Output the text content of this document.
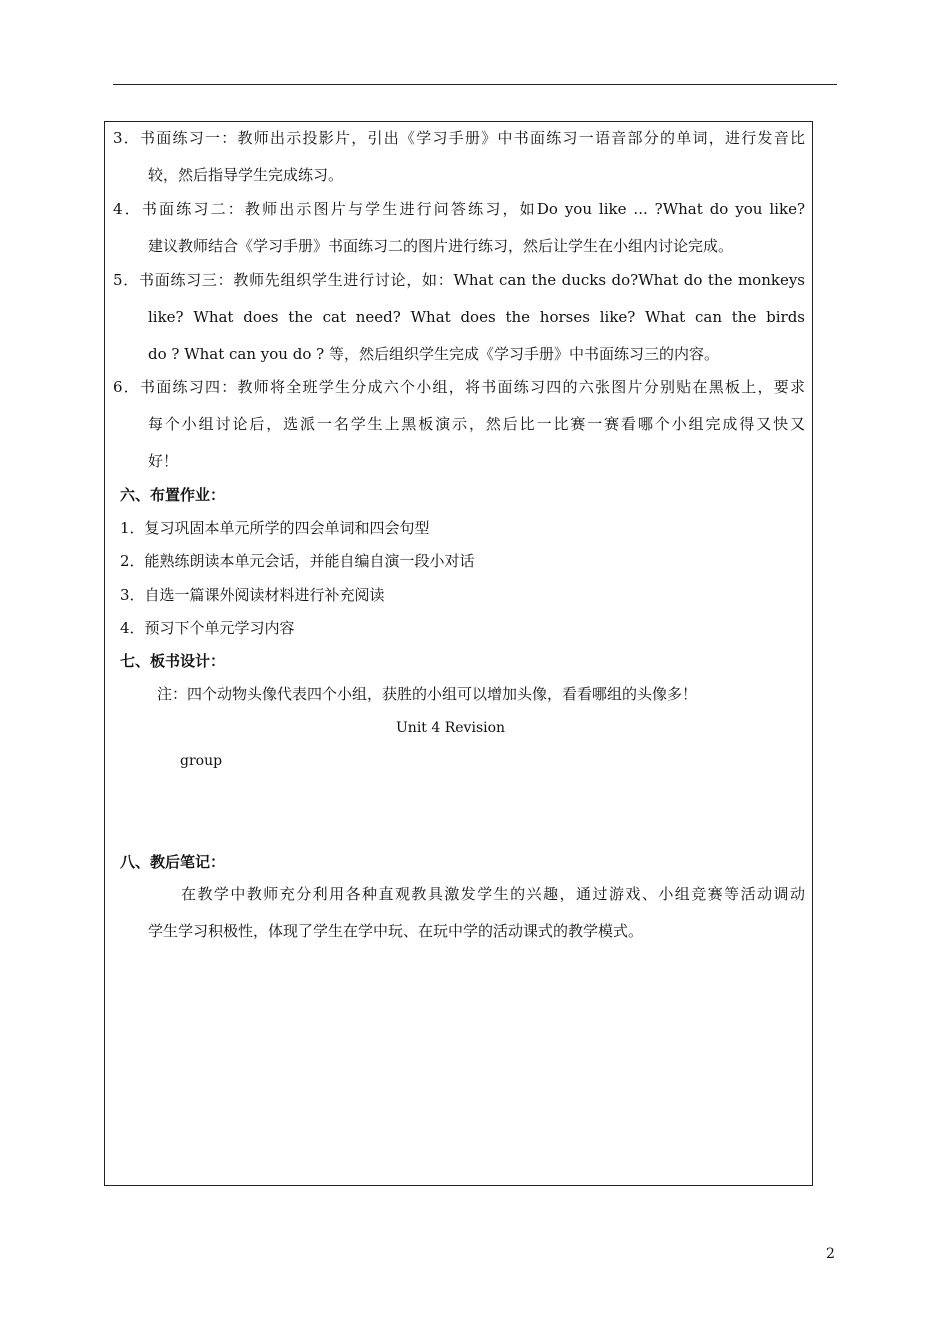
3．书面练习一：教师出示投影片，引出《学习手册》中书面练习一语音部分的单词，进行发音比
较，然后指导学生完成练习。
4．书面练习二：教师出示图片与学生进行问答练习，如Do you like ... ?What do you like?
建议教师结合《学习手册》书面练习二的图片进行练习，然后让学生在小组内讨论完成。
5．书面练习三：教师先组织学生进行讨论，如：What can the ducks do?What do the monkeys
like? What does the cat need? What does the horses like? What can the birds
do ? What can you do ? 等，然后组织学生完成《学习手册》中书面练习三的内容。
6．书面练习四：教师将全班学生分成六个小组，将书面练习四的六张图片分别贴在黑板上，要求
每个小组讨论后，选派一名学生上黑板演示，然后比一比赛一赛看哪个小组完成得又快又
好！
六、布置作业：
1．复习巩固本单元所学的四会单词和四会句型
2．能熟练朗读本单元会话，并能自编自演一段小对话
3．自选一篇课外阅读材料进行补充阅读
4．预习下个单元学习内容
七、板书设计：
注：四个动物头像代表四个小组，获胜的小组可以增加头像，看看哪组的头像多！
Unit 4 Revision
group
八、教后笔记：
在教学中教师充分利用各种直观教具激发学生的兴趣，通过游戏、小组竞赛等活动调动
学生学习积极性，体现了学生在学中玩、在玩中学的活动课式的教学模式。
2
